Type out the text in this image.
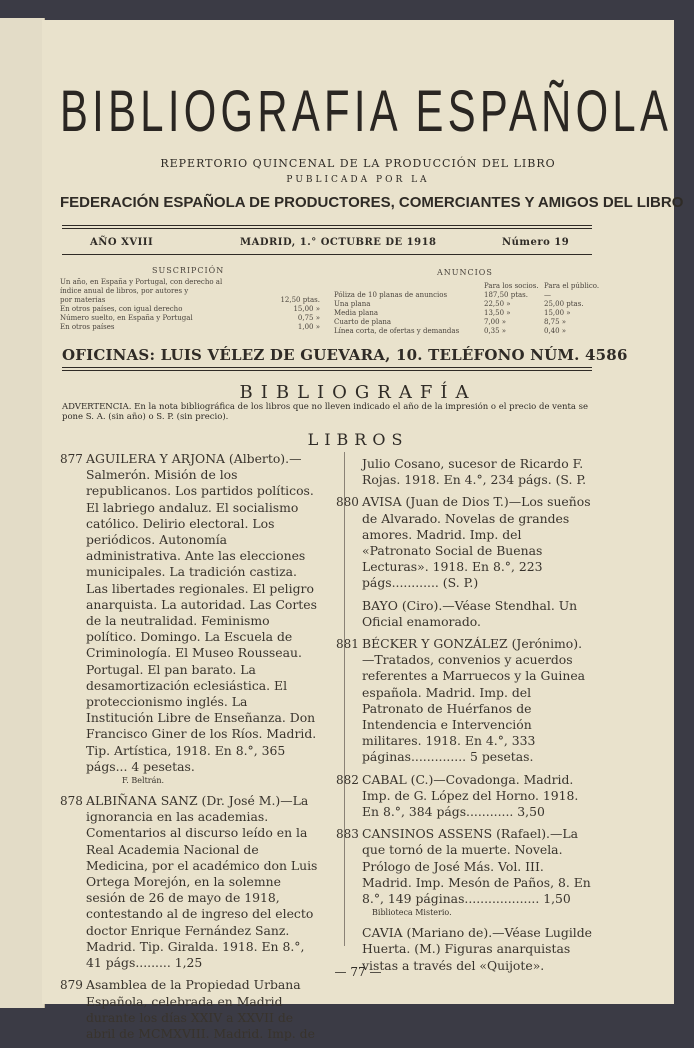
BIBLIOGRAFIA ESPAÑOLA
REPERTORIO QUINCENAL DE LA PRODUCCIÓN DEL LIBRO
PUBLICADA POR LA
FEDERACIÓN ESPAÑOLA DE PRODUCTORES, COMERCIANTES Y AMIGOS DEL LIBRO
AÑO XVIII	MADRID, 1.° OCTUBRE DE 1918	Número 19
SUSCRIPCIÓN
Un año, en España y Portugal, con derecho al
índice anual de libros, por autores y
por materias	12,50 ptas.
En otros países, con igual derecho	15,00 »
Número suelto, en España y Portugal	0,75 »
En otros países	1,00 »
ANUNCIOS
Para los socios. Para el público.
Póliza de 10 planas de anuncios	187,50 ptas.	—
Una plana	22,50 »	25,00 ptas.
Media plana	13,50 »	15,00 »
Cuarto de plana	7,00 »	8,75 »
Línea corta, de ofertas y demandas	0,35 »	0,40 »
OFICINAS: LUIS VÉLEZ DE GUEVARA, 10. TELÉFONO NÚM. 4586
BIBLIOGRAFÍA
ADVERTENCIA. En la nota bibliográfica de los libros que no lleven indicado el año de la impresión o el precio de venta se pone S. A. (sin año) o S. P. (sin precio).
LIBROS
877 AGUILERA Y ARJONA (Alberto).—Salmerón. Misión de los republicanos. Los partidos políticos. El labriego andaluz. El socialismo católico. Delirio electoral. Los periódicos. Autonomía administrativa. Ante las elecciones municipales. La tradición castiza. Las libertades regionales. El peligro anarquista. La autoridad. Las Cortes de la neutralidad. Feminismo político. Domingo. La Escuela de Criminología. El Museo Rousseau. Portugal. El pan barato. La desamortización eclesiástica. El proteccionismo inglés. La Institución Libre de Enseñanza. Don Francisco Giner de los Ríos. Madrid. Tip. Artística, 1918. En 8.°, 365 págs... 4 pesetas.
F. Beltrán.
878 ALBIÑANA SANZ (Dr. José M.)—La ignorancia en las academias. Comentarios al discurso leído en la Real Academia Nacional de Medicina, por el académico don Luis Ortega Morejón, en la solemne sesión de 26 de mayo de 1918, contestando al de ingreso del electo doctor Enrique Fernández Sanz. Madrid. Tip. Giralda. 1918. En 8.°, 41 págs......... 1,25
879 Asamblea de la Propiedad Urbana Española, celebrada en Madrid durante los días XXIV a XXVII de abril de MCMXVIII. Madrid. Imp. de
Julio Cosano, sucesor de Ricardo F. Rojas. 1918. En 4.°, 234 págs. (S. P.
880 AVISA (Juan de Dios T.)—Los sueños de Alvarado. Novelas de grandes amores. Madrid. Imp. del «Patronato Social de Buenas Lecturas». 1918. En 8.°, 223 págs............ (S. P.)
BAYO (Ciro).—Véase Stendhal. Un Oficial enamorado.
881 BÉCKER Y GONZÁLEZ (Jerónimo).—Tratados, convenios y acuerdos referentes a Marruecos y la Guinea española. Madrid. Imp. del Patronato de Huérfanos de Intendencia e Intervención militares. 1918. En 4.°, 333 páginas.............. 5 pesetas.
882 CABAL (C.)—Covadonga. Madrid. Imp. de G. López del Horno. 1918. En 8.°, 384 págs............ 3,50
883 CANSINOS ASSENS (Rafael).—La que tornó de la muerte. Novela. Prólogo de José Más. Vol. III. Madrid. Imp. Mesón de Paños, 8. En 8.°, 149 páginas................... 1,50
Biblioteca Misterio.
CAVIA (Mariano de).—Véase Lugilde Huerta. (M.) Figuras anarquistas vistas a través del «Quijote».
— 77 —
